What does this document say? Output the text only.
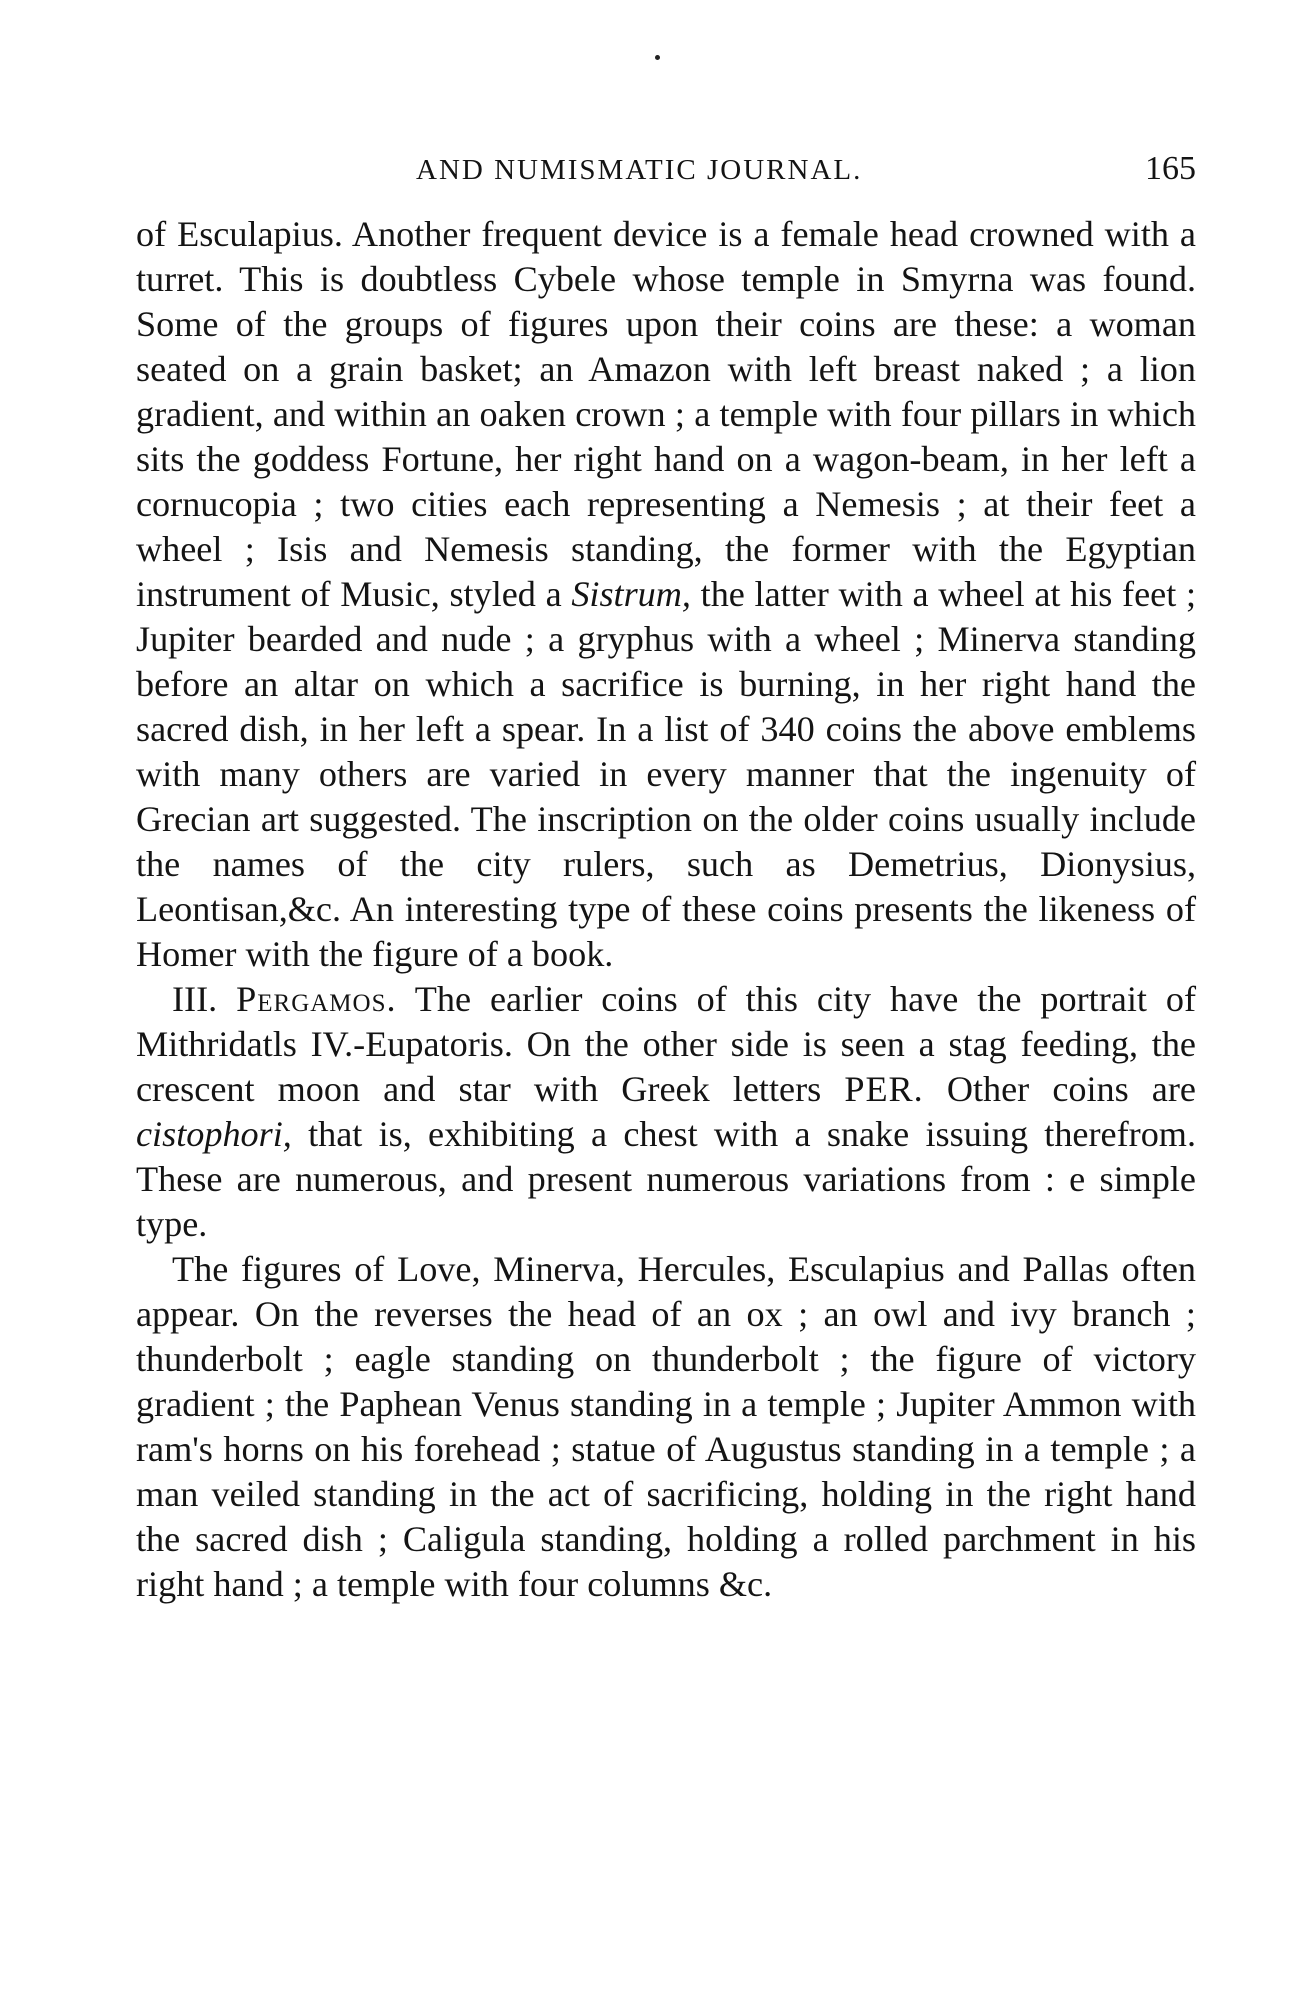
AND NUMISMATIC JOURNAL.	165

of Esculapius. Another frequent device is a female head crowned with a turret. This is doubtless Cybele whose temple in Smyrna was found. Some of the groups of figures upon their coins are these: a woman seated on a grain basket; an Amazon with left breast naked ; a lion gradient, and within an oaken crown ; a temple with four pillars in which sits the goddess Fortune, her right hand on a wagon-beam, in her left a cornucopia ; two cities each representing a Nemesis ; at their feet a wheel ; Isis and Nemesis standing, the former with the Egyptian instrument of Music, styled a Sistrum, the latter with a wheel at his feet ; Jupiter bearded and nude ; a gryphus with a wheel ; Minerva standing before an altar on which a sacrifice is burning, in her right hand the sacred dish, in her left a spear. In a list of 340 coins the above emblems with many others are varied in every manner that the ingenuity of Grecian art suggested. The inscription on the older coins usually include the names of the city rulers, such as Demetrius, Dionysius, Leontisan,&c. An interesting type of these coins presents the likeness of Homer with the figure of a book.

III. Pergamos. The earlier coins of this city have the portrait of Mithridatls IV.-Eupatoris. On the other side is seen a stag feeding, the crescent moon and star with Greek letters PER. Other coins are cistophori, that is, exhibiting a chest with a snake issuing therefrom. These are numerous, and present numerous variations from : e simple type.

The figures of Love, Minerva, Hercules, Esculapius and Pallas often appear. On the reverses the head of an ox ; an owl and ivy branch ; thunderbolt ; eagle standing on thunderbolt ; the figure of victory gradient ; the Paphean Venus standing in a temple ; Jupiter Ammon with ram's horns on his forehead ; statue of Augustus standing in a temple ; a man veiled standing in the act of sacrificing, holding in the right hand the sacred dish ; Caligula standing, holding a rolled parchment in his right hand ; a temple with four columns &c.
